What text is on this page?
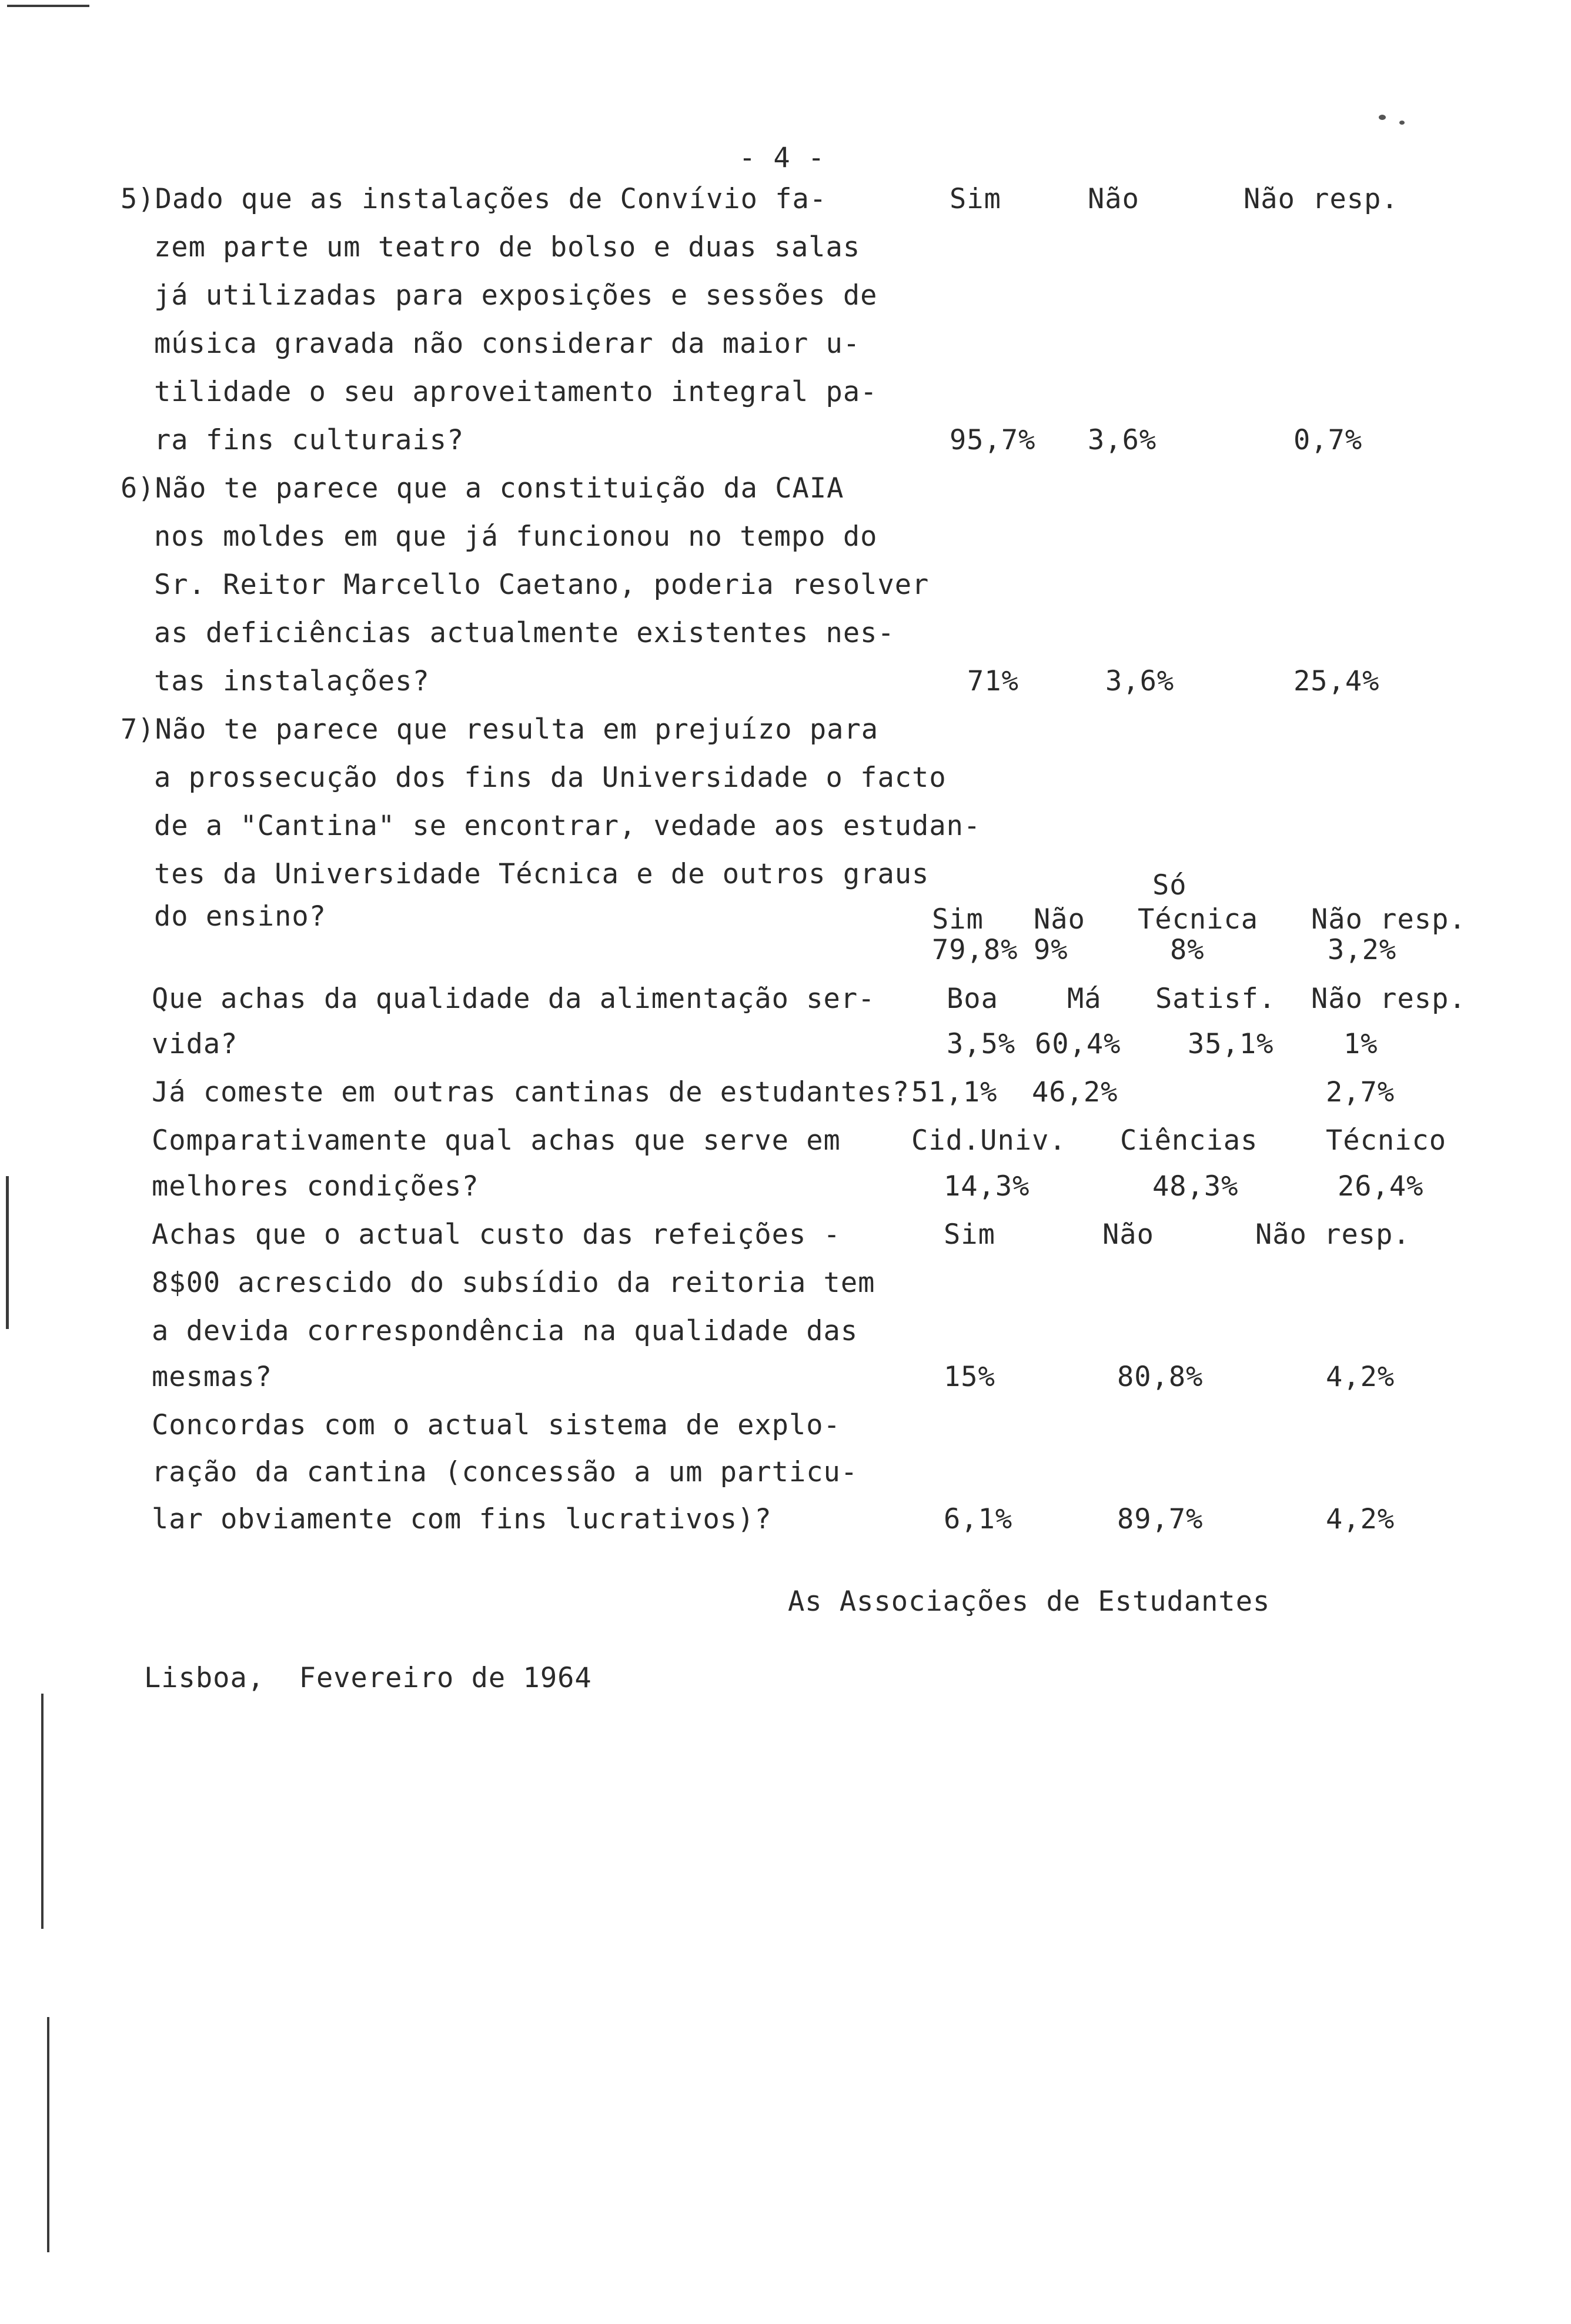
- 4 -
5)Dado que as instalações de Convívio fa-
zem parte um teatro de bolso e duas salas
já utilizadas para exposições e sessões de
música gravada não considerar da maior u-
tilidade o seu aproveitamento integral pa-
ra fins culturais?
Sim	Não	Não resp.
95,7% 3,6%	0,7%
6)Não te parece que a constituição da CAIA
nos moldes em que já funcionou no tempo do
Sr. Reitor Marcello Caetano, poderia resolver
as deficiências actualmente existentes nes-
tas instalações?	71%	3,6%	25,4%
7)Não te parece que resulta em prejuízo para
a prossecução dos fins da Universidade o facto
de a "Cantina" se encontrar, vedade aos estudan-
tes da Universidade Técnica e de outros graus
do ensino?
Só
Sim Não Técnica Não resp.
79,8% 9%	8%	3,2%
Que achas da qualidade da alimentação ser-
vida?
Boa Má Satisf. Não resp.
3,5% 60,4% 35,1%	1%
Já comeste em outras cantinas de estudantes? 51,1% 46,2%	2,7%
Comparativamente qual achas que serve em
melhores condições?
Cid.Univ. Ciências Técnico
14,3%	48,3%	26,4%
Achas que o actual custo das refeições -
8$00 acrescido do subsídio da reitoria tem
a devida correspondência na qualidade das
mesmas?
Sim	Não	Não resp.
15%	80,8%	4,2%
Concordas com o actual sistema de explo-
ração da cantina (concessão a um particu-
lar obviamente com fins lucrativos)?	6,1%	89,7%	4,2%
As Associações de Estudantes
Lisboa,  Fevereiro de 1964
